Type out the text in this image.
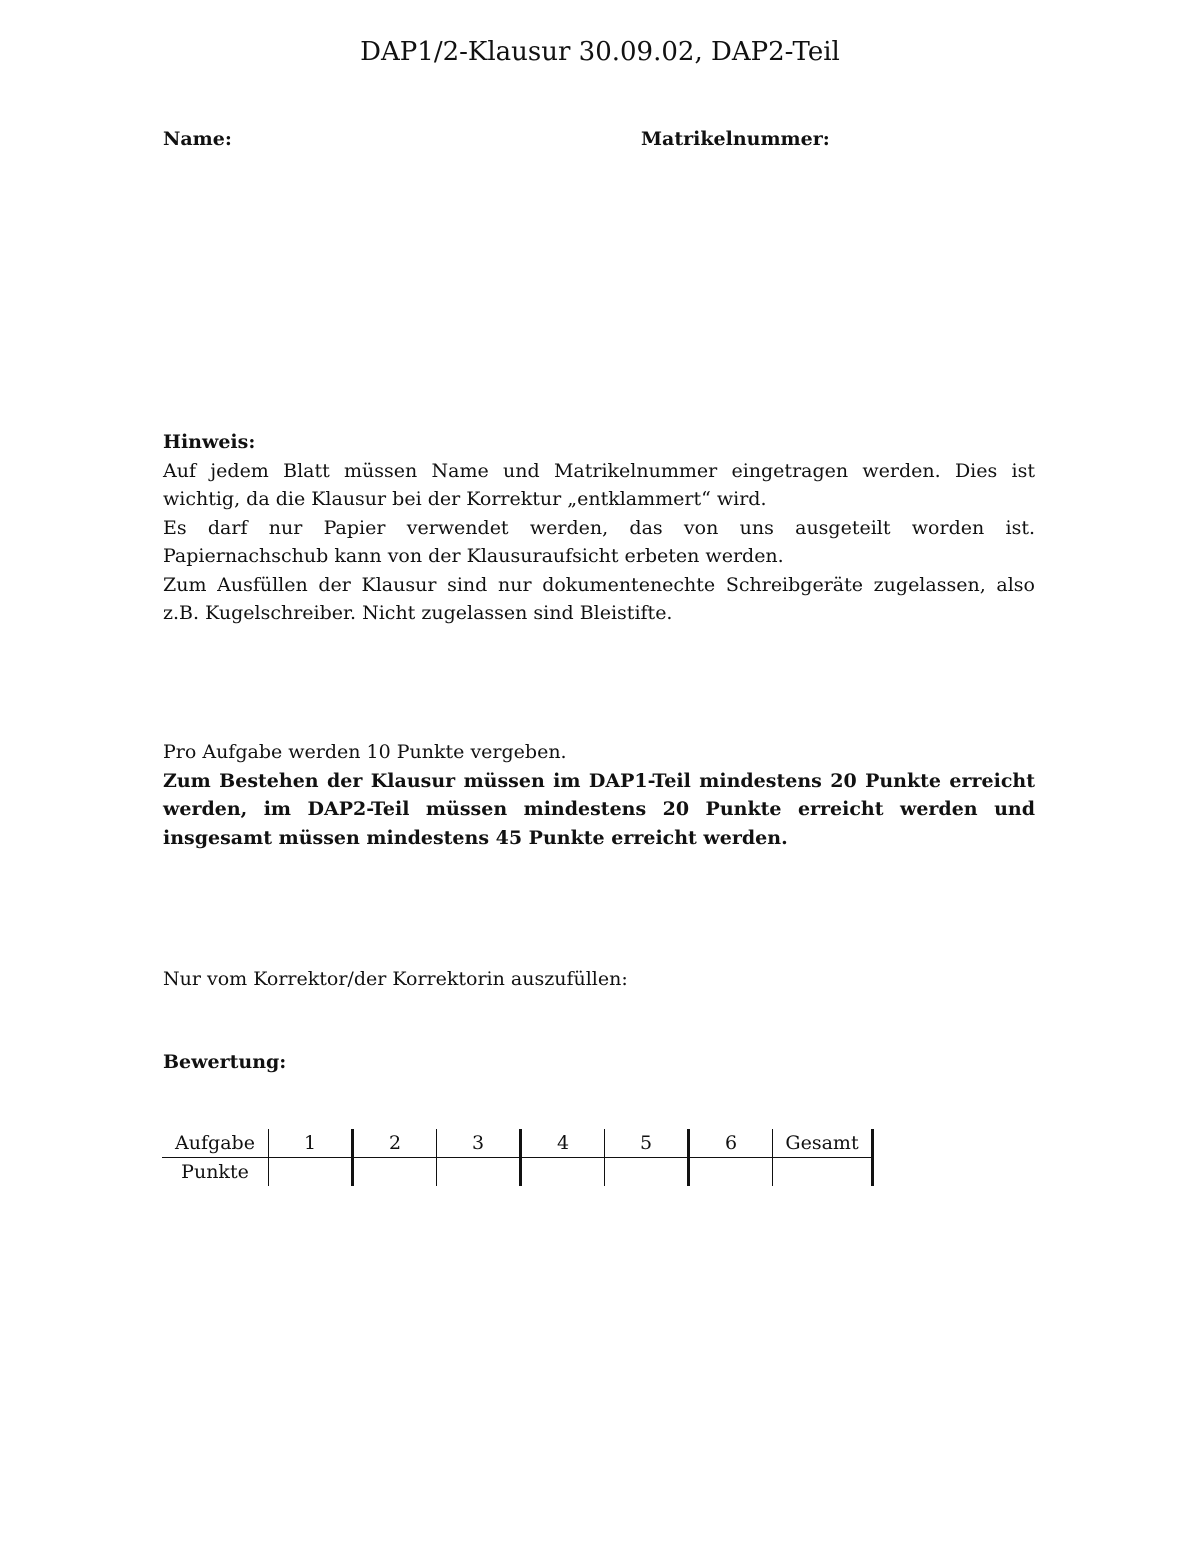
DAP1/2-Klausur 30.09.02, DAP2-Teil
Name:	Matrikelnummer:

Hinweis:

Auf jedem Blatt müssen Name und Matrikelnummer eingetragen werden. Dies ist wichtig, da die Klausur bei der Korrektur „entklammert“ wird.

Es darf nur Papier verwendet werden, das von uns ausgeteilt worden ist. Papiernachschub kann von der Klausuraufsicht erbeten werden.

Zum Ausfüllen der Klausur sind nur dokumentenechte Schreibgeräte zugelassen, also z.B. Kugelschreiber. Nicht zugelassen sind Bleistifte.

Pro Aufgabe werden 10 Punkte vergeben.

Zum Bestehen der Klausur müssen im DAP1-Teil mindestens 20 Punkte erreicht werden, im DAP2-Teil müssen mindestens 20 Punkte erreicht werden und insgesamt müssen mindestens 45 Punkte erreicht werden.

Nur vom Korrektor/der Korrektorin auszufüllen:

Bewertung:

Aufgabe	1	2	3	4	5	6	Gesamt
Punkte							
